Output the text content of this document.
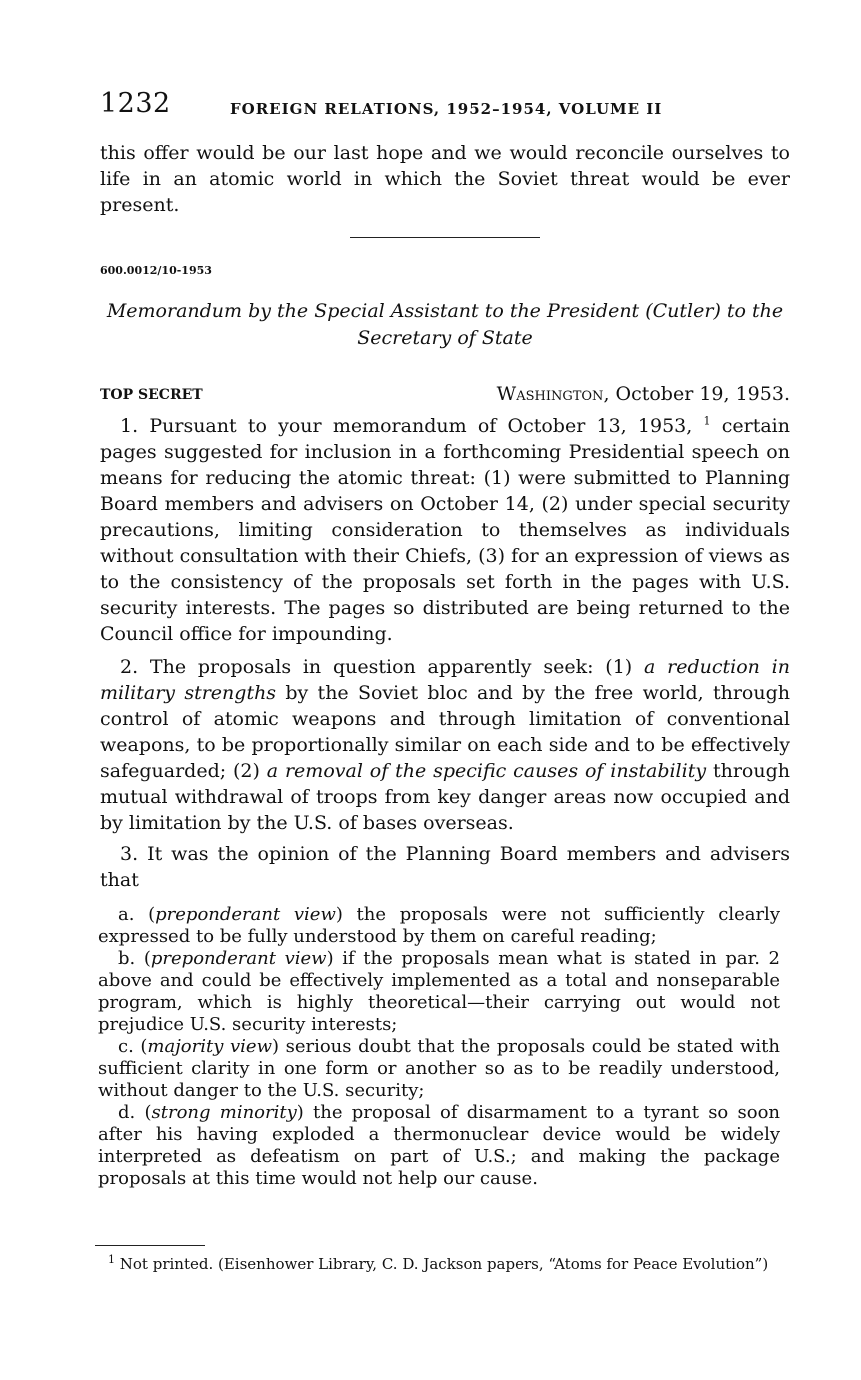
1232	FOREIGN RELATIONS, 1952–1954, VOLUME II

this offer would be our last hope and we would reconcile ourselves to life in an atomic world in which the Soviet threat would be ever present.

600.0012/10-1953

Memorandum by the Special Assistant to the President (Cutler) to the Secretary of State

TOP SECRET	Washington, October 19, 1953.

1. Pursuant to your memorandum of October 13, 1953, $^1$ certain pages suggested for inclusion in a forthcoming Presidential speech on means for reducing the atomic threat: (1) were submitted to Planning Board members and advisers on October 14, (2) under special security precautions, limiting consideration to themselves as individuals without consultation with their Chiefs, (3) for an expression of views as to the consistency of the proposals set forth in the pages with U.S. security interests. The pages so distributed are being returned to the Council office for impounding.

2. The proposals in question apparently seek: (1) a reduction in military strengths by the Soviet bloc and by the free world, through control of atomic weapons and through limitation of conventional weapons, to be proportionally similar on each side and to be effectively safeguarded; (2) a removal of the specific causes of instability through mutual withdrawal of troops from key danger areas now occupied and by limitation by the U.S. of bases overseas.

3. It was the opinion of the Planning Board members and advisers that

a. (preponderant view) the proposals were not sufficiently clearly expressed to be fully understood by them on careful reading;

b. (preponderant view) if the proposals mean what is stated in par. 2 above and could be effectively implemented as a total and nonseparable program, which is highly theoretical—their carrying out would not prejudice U.S. security interests;

c. (majority view) serious doubt that the proposals could be stated with sufficient clarity in one form or another so as to be readily understood, without danger to the U.S. security;

d. (strong minority) the proposal of disarmament to a tyrant so soon after his having exploded a thermonuclear device would be widely interpreted as defeatism on part of U.S.; and making the package proposals at this time would not help our cause.

$^1$ Not printed. (Eisenhower Library, C. D. Jackson papers, “Atoms for Peace Evolution”)
